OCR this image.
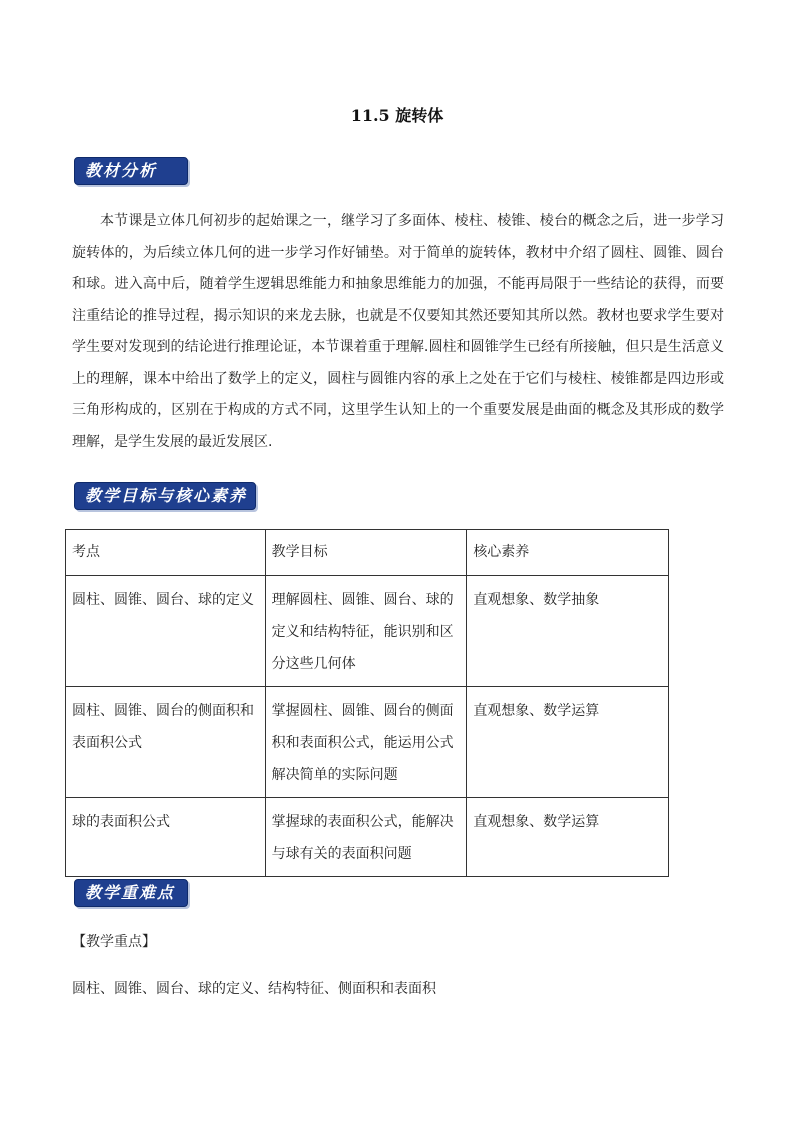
11.5 旋转体
教材分析

本节课是立体几何初步的起始课之一，继学习了多面体、棱柱、棱锥、棱台的概念之后，进一步学习旋转体的，为后续立体几何的进一步学习作好铺垫。对于简单的旋转体，教材中介绍了圆柱、圆锥、圆台和球。进入高中后，随着学生逻辑思维能力和抽象思维能力的加强，不能再局限于一些结论的获得，而要注重结论的推导过程，揭示知识的来龙去脉，也就是不仅要知其然还要知其所以然。教材也要求学生要对学生要对发现到的结论进行推理论证，本节课着重于理解.圆柱和圆锥学生已经有所接触，但只是生活意义上的理解，课本中给出了数学上的定义，圆柱与圆锥内容的承上之处在于它们与棱柱、棱锥都是四边形或三角形构成的，区别在于构成的方式不同，这里学生认知上的一个重要发展是曲面的概念及其形成的数学理解，是学生发展的最近发展区.

教学目标与核心素养
考点	教学目标	核心素养
圆柱、圆锥、圆台、球的定义	理解圆柱、圆锥、圆台、球的定义和结构特征，能识别和区分这些几何体	直观想象、数学抽象
圆柱、圆锥、圆台的侧面积和表面积公式	掌握圆柱、圆锥、圆台的侧面积和表面积公式，能运用公式解决简单的实际问题	直观想象、数学运算
球的表面积公式	掌握球的表面积公式，能解决与球有关的表面积问题	直观想象、数学运算
教学重难点
【教学重点】
圆柱、圆锥、圆台、球的定义、结构特征、侧面积和表面积
